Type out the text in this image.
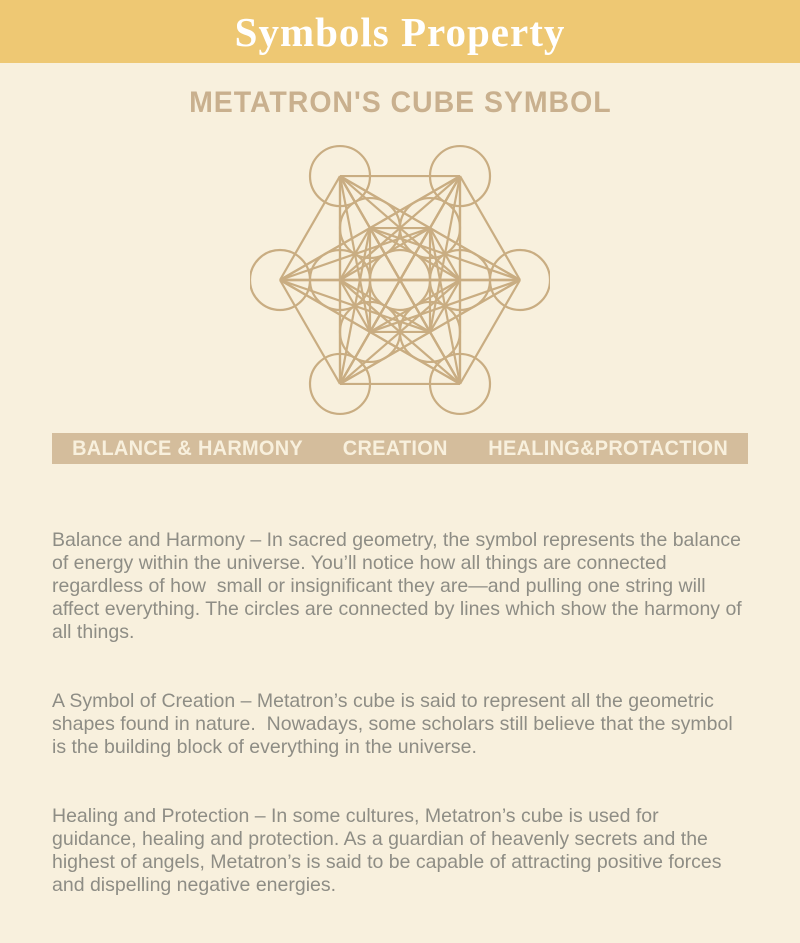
Symbols Property
METATRON'S CUBE SYMBOL
BALANCE & HARMONY CREATION HEALING&PROTACTION

Balance and Harmony – In sacred geometry, the symbol represents the balance of energy within the universe. You’ll notice how all things are connected regardless of how  small or insignificant they are—and pulling one string will affect everything. The circles are connected by lines which show the harmony of all things.

A Symbol of Creation – Metatron’s cube is said to represent all the geometric shapes found in nature.  Nowadays, some scholars still believe that the symbol is the building block of everything in the universe.

Healing and Protection – In some cultures, Metatron’s cube is used for guidance, healing and protection. As a guardian of heavenly secrets and the highest of angels, Metatron’s is said to be capable of attracting positive forces and dispelling negative energies.
